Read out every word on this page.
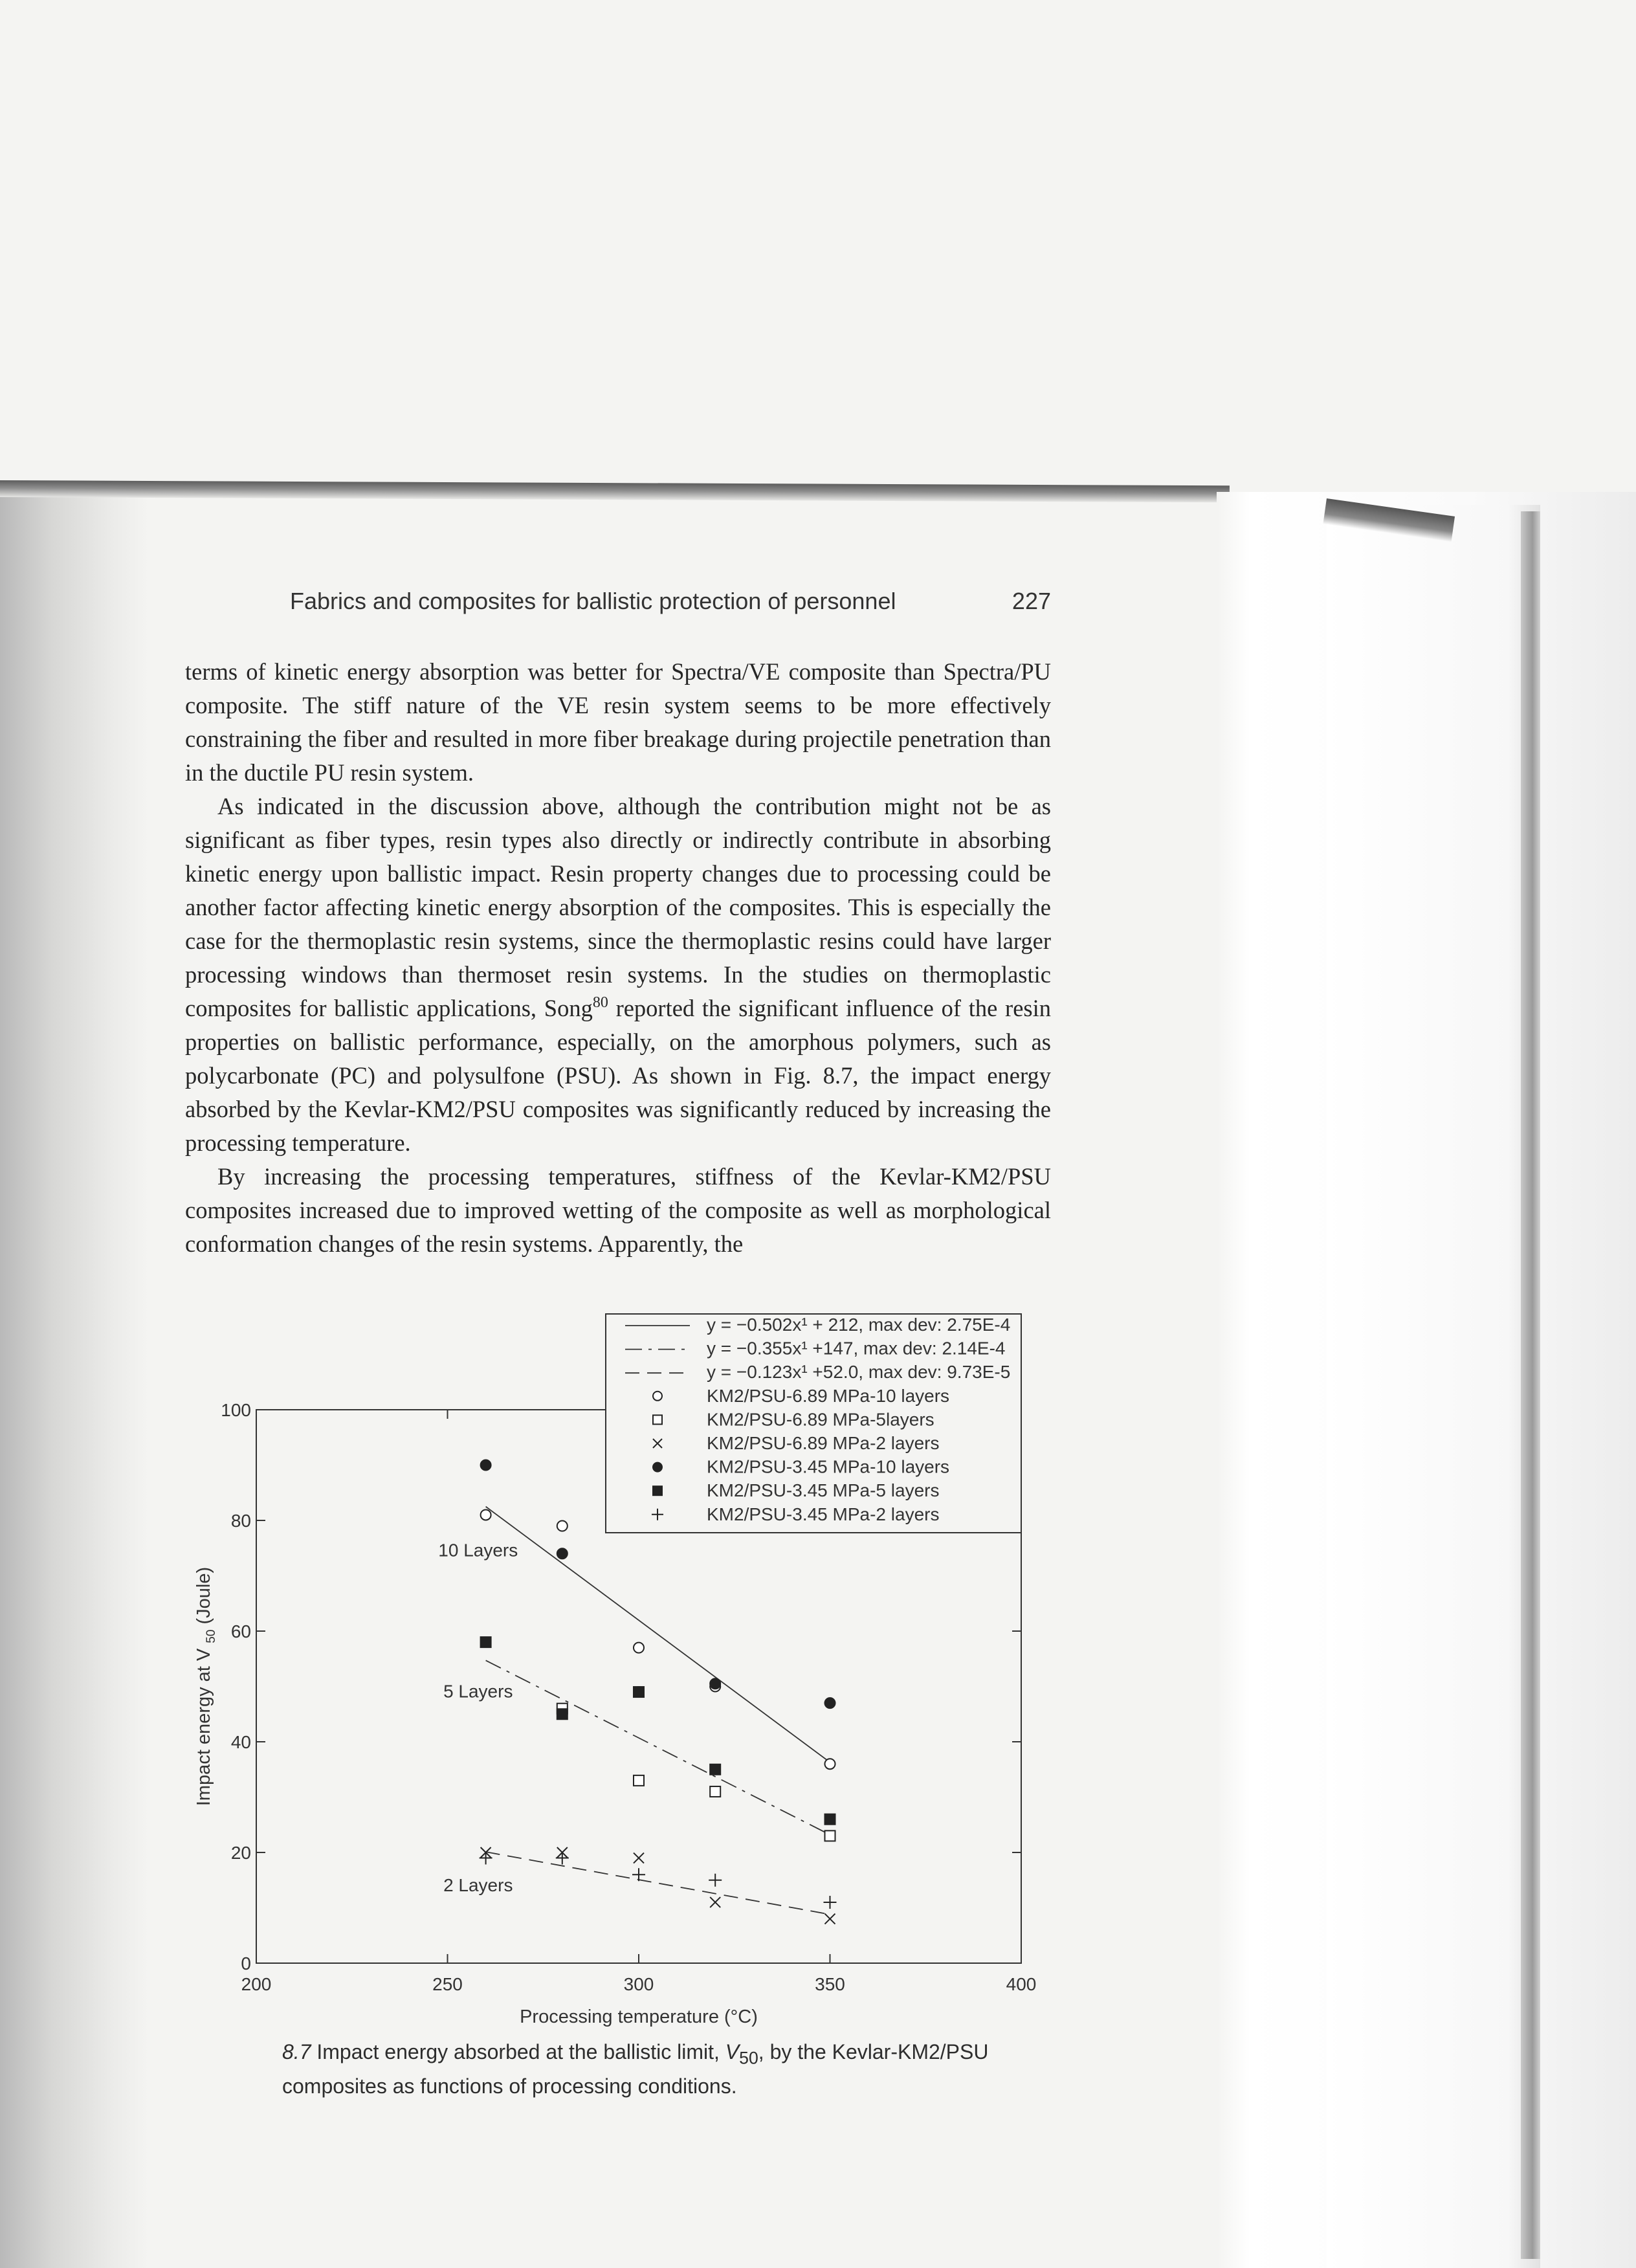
Fabrics and composites for ballistic protection of personnel	227

terms of kinetic energy absorption was better for Spectra/VE composite than Spectra/PU composite. The stiff nature of the VE resin system seems to be more effectively constraining the fiber and resulted in more fiber breakage during projectile penetration than in the ductile PU resin system.

As indicated in the discussion above, although the contribution might not be as significant as fiber types, resin types also directly or indirectly contribute in absorbing kinetic energy upon ballistic impact. Resin property changes due to processing could be another factor affecting kinetic energy absorption of the composites. This is especially the case for the thermoplastic resin systems, since the thermoplastic resins could have larger processing windows than thermoset resin systems. In the studies on thermoplastic composites for ballistic applications, Song$^{80}$ reported the significant influence of the resin properties on ballistic performance, especially, on the amorphous polymers, such as polycarbonate (PC) and polysulfone (PSU). As shown in Fig. 8.7, the impact energy absorbed by the Kevlar-KM2/PSU composites was significantly reduced by increasing the processing temperature.

By increasing the processing temperatures, stiffness of the Kevlar-KM2/PSU composites increased due to improved wetting of the composite as well as morphological conformation changes of the resin systems. Apparently, the

200	250	300	350	400
0
20
40
60
80
100
Processing temperature (°C)
Impact energy at V $_{50}$ (Joule)
10 Layers
5 Layers
2 Layers
y = −0.502x¹ + 212, max dev: 2.75E-4
y = −0.355x¹ +147, max dev: 2.14E-4
y = −0.123x¹ +52.0, max dev: 9.73E-5
KM2/PSU-6.89 MPa-10 layers
KM2/PSU-6.89 MPa-5layers
KM2/PSU-6.89 MPa-2 layers
KM2/PSU-3.45 MPa-10 layers
KM2/PSU-3.45 MPa-5 layers
KM2/PSU-3.45 MPa-2 layers
8.7 Impact energy absorbed at the ballistic limit, $V_{50}$, by the Kevlar-KM2/PSU composites as functions of processing conditions.
